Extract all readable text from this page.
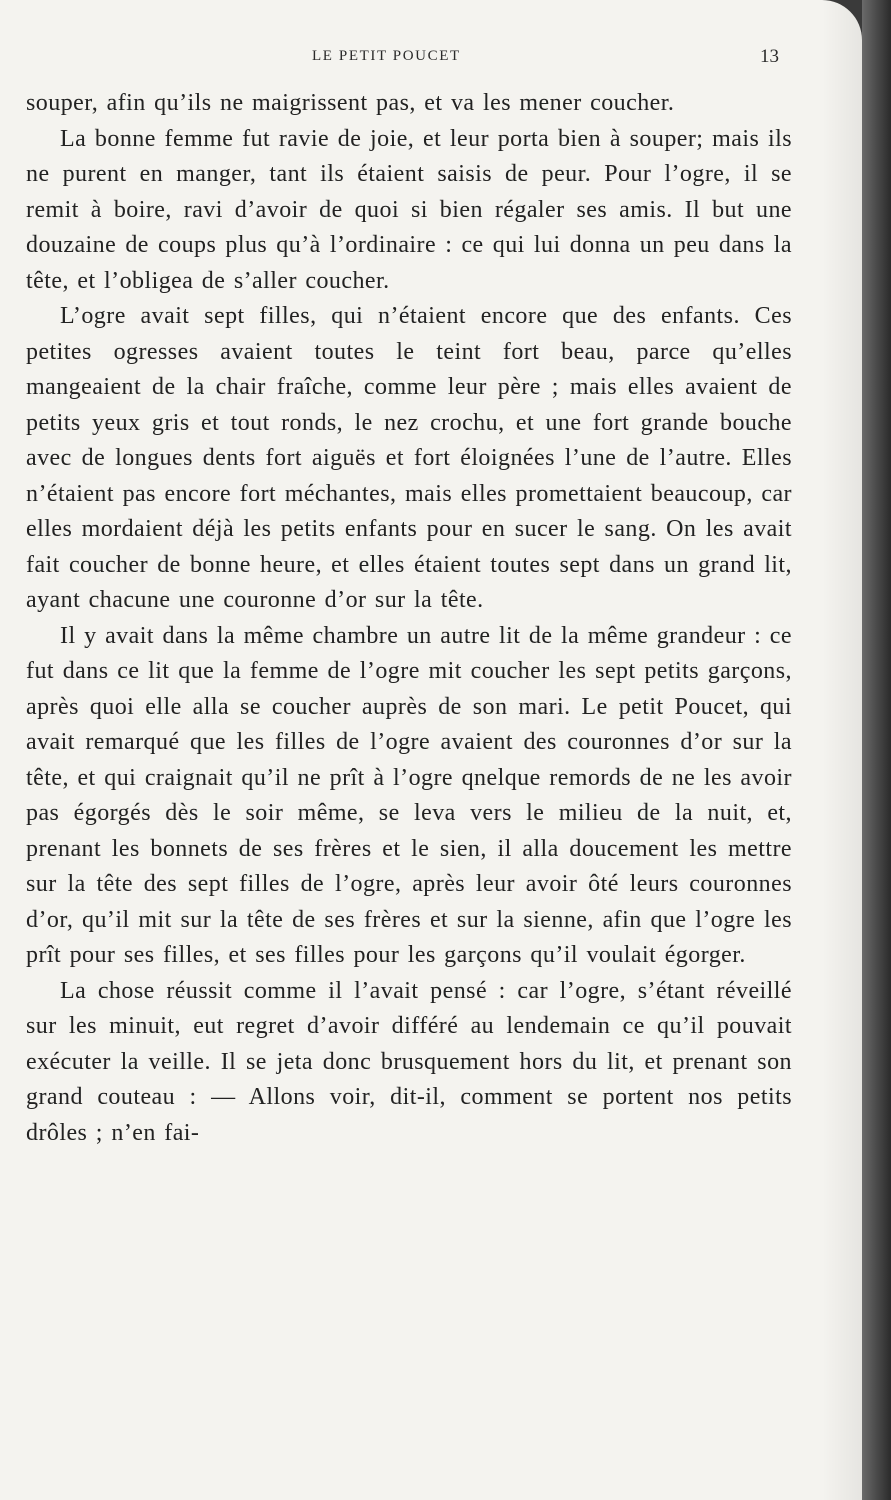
LE PETIT POUCET	13

souper, afin qu’ils ne maigrissent pas, et va les mener coucher.

La bonne femme fut ravie de joie, et leur porta bien à souper; mais ils ne purent en manger, tant ils étaient saisis de peur. Pour l’ogre, il se remit à boire, ravi d’avoir de quoi si bien régaler ses amis. Il but une douzaine de coups plus qu’à l’ordinaire : ce qui lui donna un peu dans la tête, et l’obligea de s’aller coucher.

L’ogre avait sept filles, qui n’étaient encore que des enfants. Ces petites ogresses avaient toutes le teint fort beau, parce qu’elles mangeaient de la chair fraîche, comme leur père ; mais elles avaient de petits yeux gris et tout ronds, le nez crochu, et une fort grande bouche avec de longues dents fort aiguës et fort éloignées l’une de l’autre. Elles n’étaient pas encore fort méchantes, mais elles promettaient beaucoup, car elles mordaient déjà les petits enfants pour en sucer le sang. On les avait fait coucher de bonne heure, et elles étaient toutes sept dans un grand lit, ayant chacune une couronne d’or sur la tête.

Il y avait dans la même chambre un autre lit de la même grandeur : ce fut dans ce lit que la femme de l’ogre mit coucher les sept petits garçons, après quoi elle alla se coucher auprès de son mari. Le petit Poucet, qui avait remarqué que les filles de l’ogre avaient des couronnes d’or sur la tête, et qui craignait qu’il ne prît à l’ogre qnelque remords de ne les avoir pas égorgés dès le soir même, se leva vers le milieu de la nuit, et, prenant les bonnets de ses frères et le sien, il alla doucement les mettre sur la tête des sept filles de l’ogre, après leur avoir ôté leurs couronnes d’or, qu’il mit sur la tête de ses frères et sur la sienne, afin que l’ogre les prît pour ses filles, et ses filles pour les garçons qu’il voulait égorger.

La chose réussit comme il l’avait pensé : car l’ogre, s’étant réveillé sur les minuit, eut regret d’avoir différé au lendemain ce qu’il pouvait exécuter la veille. Il se jeta donc brusquement hors du lit, et prenant son grand couteau : — Allons voir, dit-il, comment se portent nos petits drôles ; n’en fai-
